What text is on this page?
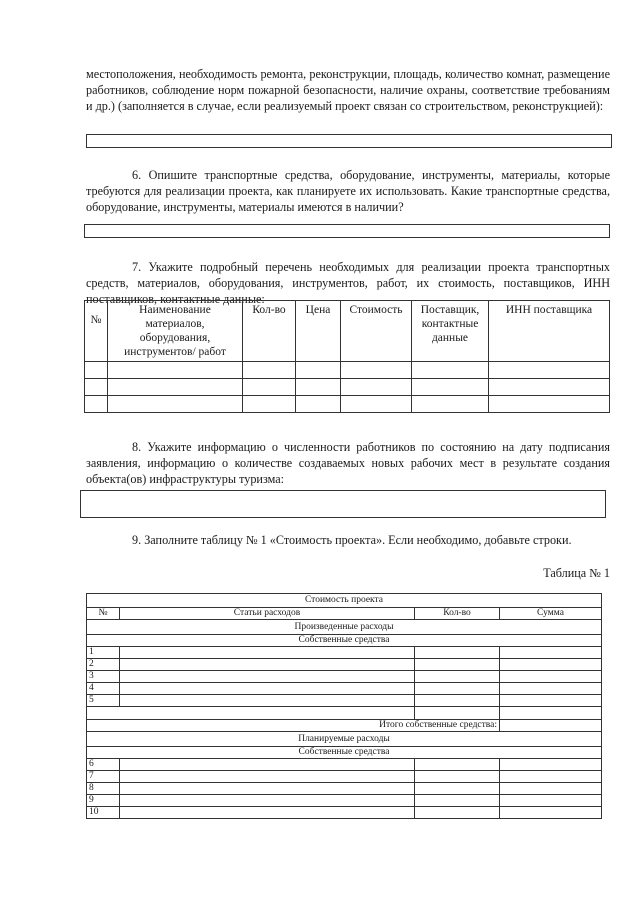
местоположения, необходимость ремонта, реконструкции, площадь, количество комнат, размещение работников, соблюдение норм пожарной безопасности, наличие охраны, соответствие требованиям и др.) (заполняется в случае, если реализуемый проект связан со строительством, реконструкцией):

6. Опишите транспортные средства, оборудование, инструменты, материалы, которые требуются для реализации проекта, как планируете их использовать. Какие транспортные средства, оборудование, инструменты, материалы имеются в наличии?

7. Укажите подробный перечень необходимых для реализации проекта транспортных средств, материалов, оборудования, инструментов, работ, их стоимость, поставщиков, ИНН поставщиков, контактные данные:

№	Наименование материалов, оборудования, инструментов/ работ	Кол-во	Цена	Стоимость	Поставщик, контактные данные	ИНН поставщика

8. Укажите информацию о численности работников по состоянию на дату подписания заявления, информацию о количестве создаваемых новых рабочих мест в результате создания объекта(ов) инфраструктуры туризма:

9. Заполните таблицу № 1 «Стоимость проекта». Если необходимо, добавьте строки.

Таблица № 1

Стоимость проекта			
№	Статьи расходов	Кол-во	Сумма
Произведенные расходы			
Собственные средства			
1			
2			
3			
4			
5			

Итого собственные средства:			
Планируемые расходы			
Собственные средства			
6			
7			
8			
9			
10			
